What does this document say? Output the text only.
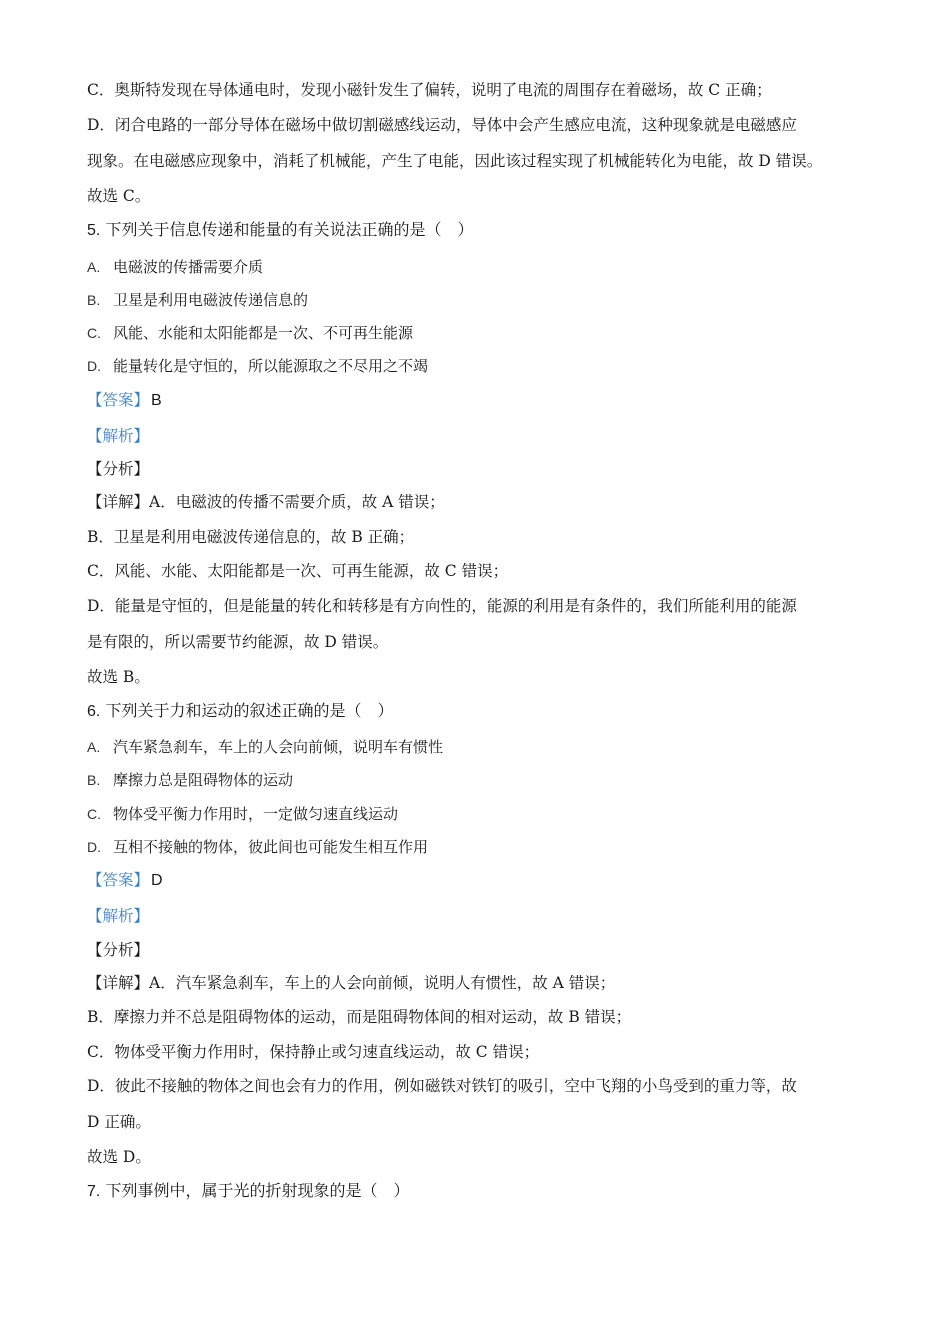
C．奥斯特发现在导体通电时，发现小磁针发生了偏转，说明了电流的周围存在着磁场，故 C 正确；
D．闭合电路的一部分导体在磁场中做切割磁感线运动，导体中会产生感应电流，这种现象就是电磁感应
现象。在电磁感应现象中，消耗了机械能，产生了电能，因此该过程实现了机械能转化为电能，故 D 错误。
故选 C。
5. 下列关于信息传递和能量的有关说法正确的是（　）
A. 电磁波的传播需要介质
B. 卫星是利用电磁波传递信息的
C. 风能、水能和太阳能都是一次、不可再生能源
D. 能量转化是守恒的，所以能源取之不尽用之不竭
【答案】 B
【解析】
【分析】
【详解】A．电磁波的传播不需要介质，故 A 错误；
B．卫星是利用电磁波传递信息的，故 B 正确；
C．风能、水能、太阳能都是一次、可再生能源，故 C 错误；
D．能量是守恒的，但是能量的转化和转移是有方向性的，能源的利用是有条件的，我们所能利用的能源
是有限的，所以需要节约能源，故 D 错误。
故选 B。
6. 下列关于力和运动的叙述正确的是（　）
A. 汽车紧急刹车，车上的人会向前倾，说明车有惯性
B. 摩擦力总是阻碍物体的运动
C. 物体受平衡力作用时，一定做匀速直线运动
D. 互相不接触的物体，彼此间也可能发生相互作用
【答案】 D
【解析】
【分析】
【详解】A．汽车紧急刹车，车上的人会向前倾，说明人有惯性，故 A 错误；
B．摩擦力并不总是阻碍物体的运动，而是阻碍物体间的相对运动，故 B 错误；
C．物体受平衡力作用时，保持静止或匀速直线运动，故 C 错误；
D．彼此不接触的物体之间也会有力的作用，例如磁铁对铁钉的吸引，空中飞翔的小鸟受到的重力等，故
D 正确。
故选 D。
7. 下列事例中，属于光的折射现象的是（　）
